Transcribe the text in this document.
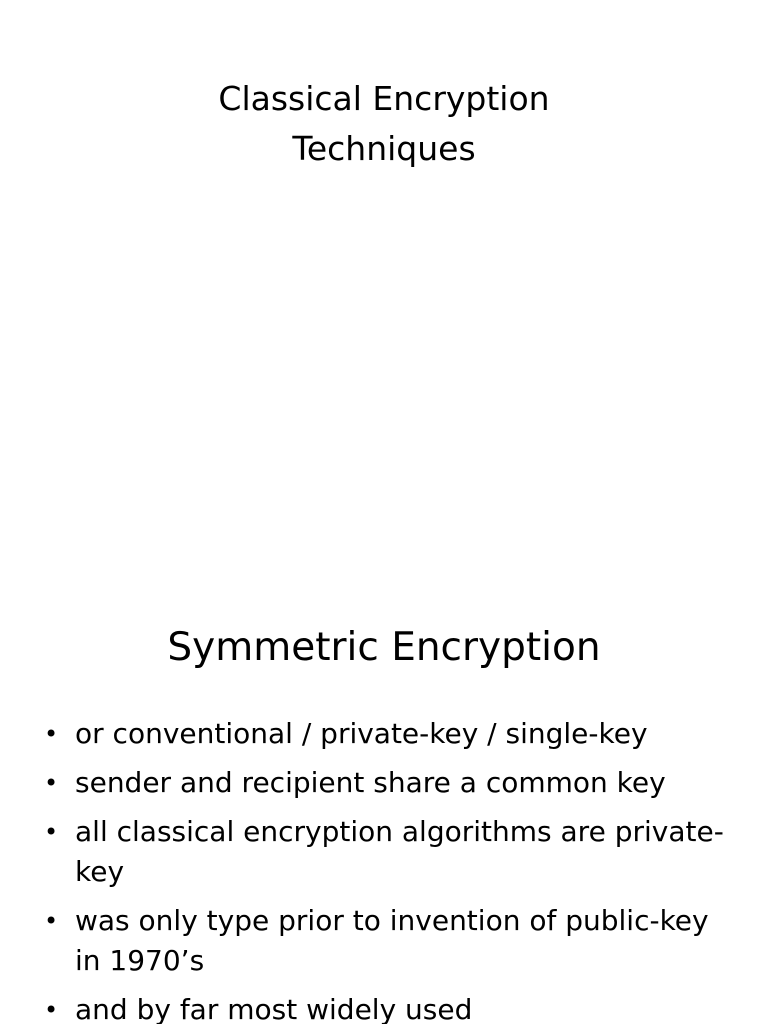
Classical Encryption
Techniques
Symmetric Encryption
• or conventional / private-key / single-key
• sender and recipient share a common key
• all classical encryption algorithms are private-key
• was only type prior to invention of public-key in 1970’s
• and by far most widely used
